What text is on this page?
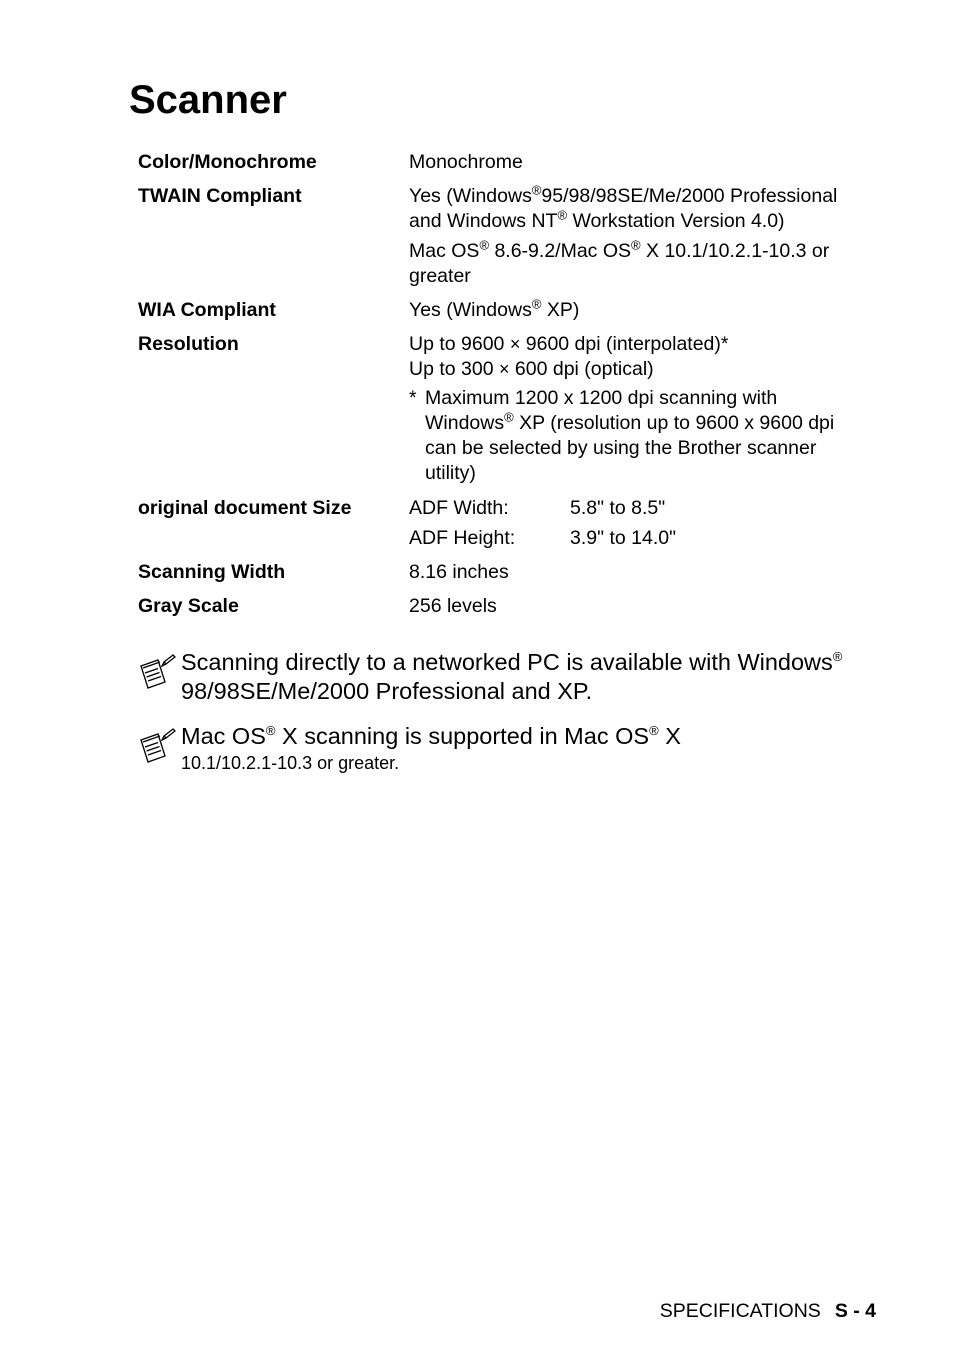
Scanner
Color/Monochrome	Monochrome
TWAIN Compliant	Yes (Windows®95/98/98SE/Me/2000 Professional

and Windows NT® Workstation Version 4.0)

Mac OS® 8.6-9.2/Mac OS® X 10.1/10.2.1-10.3 or

greater

WIA Compliant	Yes (Windows® XP)
Resolution	Up to 9600 × 9600 dpi (interpolated)*

Up to 300 × 600 dpi (optical)

* Maximum 1200 x 1200 dpi scanning with

Windows® XP (resolution up to 9600 x 9600 dpi

can be selected by using the Brother scanner

utility)

original document Size	ADF Width:	5.8" to 8.5"
ADF Height:	3.9" to 14.0"
Scanning Width	8.16 inches
Gray Scale	256 levels
Scanning directly to a networked PC is available with Windows®
98/98SE/Me/2000 Professional and XP.
Mac OS® X scanning is supported in Mac OS® X
10.1/10.2.1-10.3 or greater.
SPECIFICATIONS S - 4
